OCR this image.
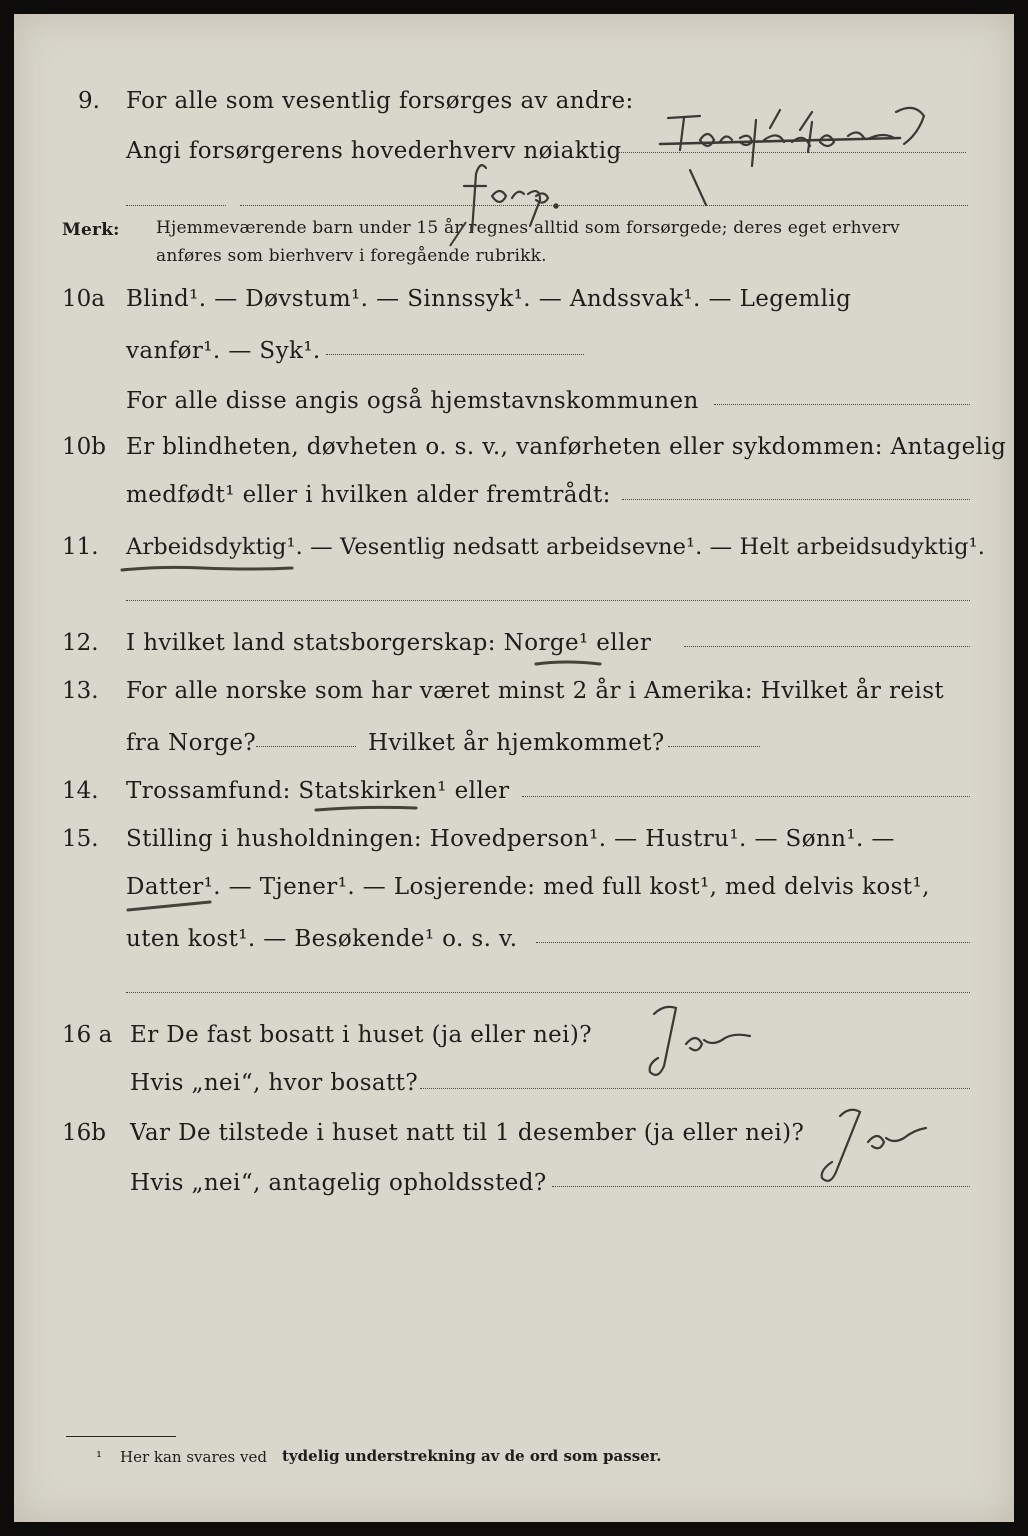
9. For alle som vesentlig forsørges av andre:
Angi forsørgerens hovederhverv nøiaktig
Merk: Hjemmeværende barn under 15 år regnes alltid som forsørgede; deres eget erhverv
anføres som bierhverv i foregående rubrikk.
10a Blind¹. — Døvstum¹. — Sinnssyk¹. — Andssvak¹. — Legemlig
vanfør¹. — Syk¹.
For alle disse angis også hjemstavnskommunen
10b Er blindheten, døvheten o. s. v., vanførheten eller sykdommen: Antagelig
medfødt¹ eller i hvilken alder fremtrådt:
11. Arbeidsdyktig¹. — Vesentlig nedsatt arbeidsevne¹. — Helt arbeidsudyktig¹.
12. I hvilket land statsborgerskap: Norge¹ eller
13. For alle norske som har været minst 2 år i Amerika: Hvilket år reist
fra Norge?	Hvilket år hjemkommet?
14. Trossamfund: Statskirken¹ eller
15. Stilling i husholdningen: Hovedperson¹. — Hustru¹. — Sønn¹. —
Datter¹. — Tjener¹. — Losjerende: med full kost¹, med delvis kost¹,
uten kost¹. — Besøkende¹ o. s. v.
16 a Er De fast bosatt i huset (ja eller nei)?
Hvis „nei“, hvor bosatt?
16b Var De tilstede i huset natt til 1 desember (ja eller nei)?
Hvis „nei“, antagelig opholdssted?
¹ Her kan svares ved tydelig understrekning av de ord som passer.
